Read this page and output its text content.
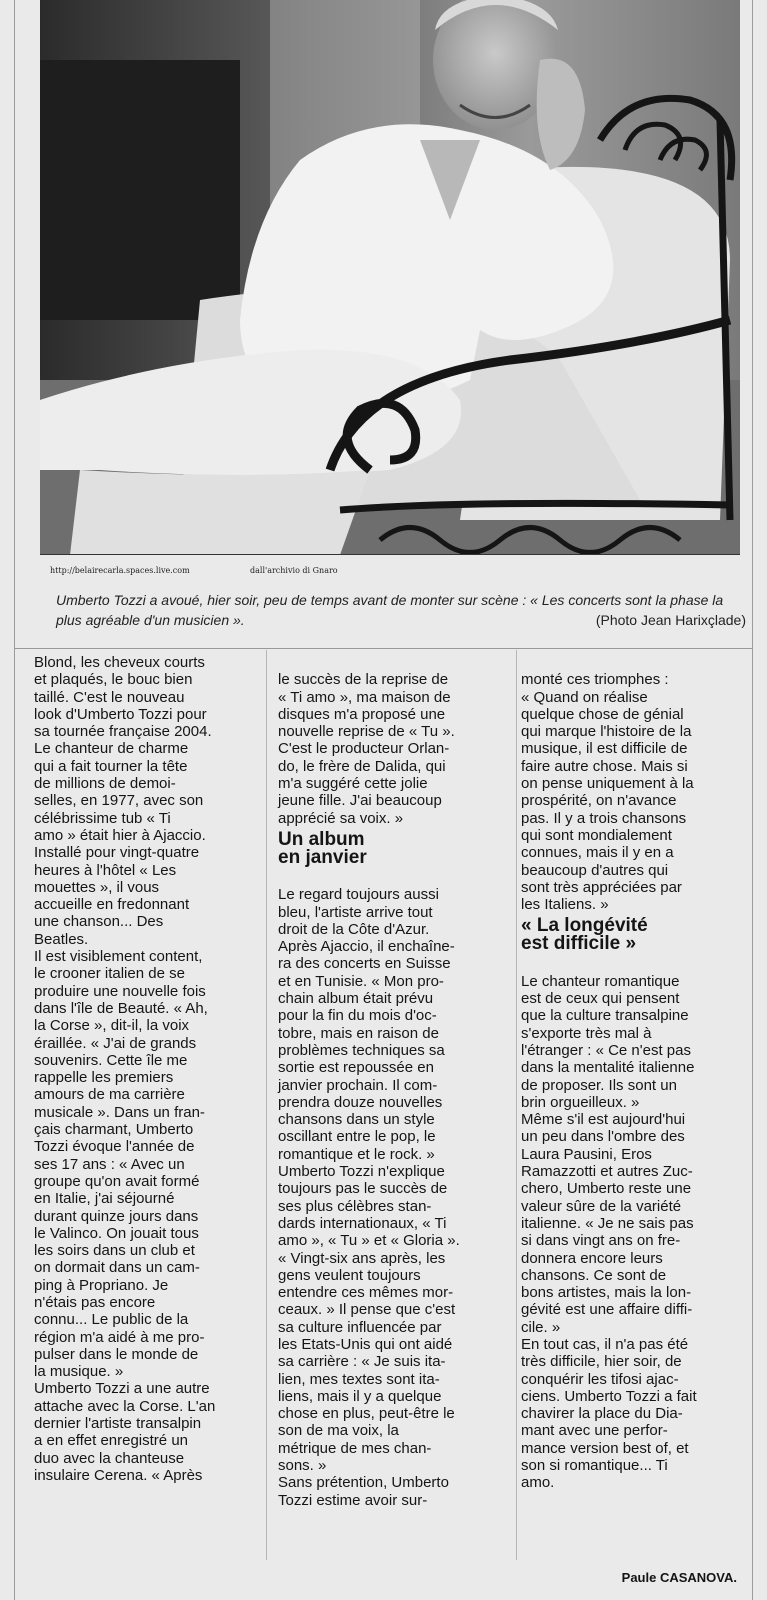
http://belairecarla.spaces.live.com	dall'archivio di Gnaro
Umberto Tozzi a avoué, hier soir, peu de temps avant de monter sur scène : « Les concerts sont la phase la plus agréable d'un musicien ».	(Photo Jean Harixçlade)
Blond, les cheveux courts
et plaqués, le bouc bien
taillé. C'est le nouveau
look d'Umberto Tozzi pour
sa tournée française 2004.
Le chanteur de charme
qui a fait tourner la tête
de millions de demoi-
selles, en 1977, avec son
célébrissime tub « Ti
amo » était hier à Ajaccio.
Installé pour vingt-quatre
heures à l'hôtel « Les
mouettes », il vous
accueille en fredonnant
une chanson... Des
Beatles.
Il est visiblement content,
le crooner italien de se
produire une nouvelle fois
dans l'île de Beauté. « Ah,
la Corse », dit-il, la voix
éraillée. « J'ai de grands
souvenirs. Cette île me
rappelle les premiers
amours de ma carrière
musicale ». Dans un fran-
çais charmant, Umberto
Tozzi évoque l'année de
ses 17 ans : « Avec un
groupe qu'on avait formé
en Italie, j'ai séjourné
durant quinze jours dans
le Valinco. On jouait tous
les soirs dans un club et
on dormait dans un cam-
ping à Propriano. Je
n'étais pas encore
connu... Le public de la
région m'a aidé à me pro-
pulser dans le monde de
la musique. »
Umberto Tozzi a une autre
attache avec la Corse. L'an
dernier l'artiste transalpin
a en effet enregistré un
duo avec la chanteuse
insulaire Cerena. « Après

le succès de la reprise de
« Ti amo », ma maison de
disques m'a proposé une
nouvelle reprise de « Tu ».
C'est le producteur Orlan-
do, le frère de Dalida, qui
m'a suggéré cette jolie
jeune fille. J'ai beaucoup
apprécié sa voix. »

Un album
en janvier

Le regard toujours aussi
bleu, l'artiste arrive tout
droit de la Côte d'Azur.
Après Ajaccio, il enchaîne-
ra des concerts en Suisse
et en Tunisie. « Mon pro-
chain album était prévu
pour la fin du mois d'oc-
tobre, mais en raison de
problèmes techniques sa
sortie est repoussée en
janvier prochain. Il com-
prendra douze nouvelles
chansons dans un style
oscillant entre le pop, le
romantique et le rock. »
Umberto Tozzi n'explique
toujours pas le succès de
ses plus célèbres stan-
dards internationaux, « Ti
amo », « Tu » et « Gloria ».
« Vingt-six ans après, les
gens veulent toujours
entendre ces mêmes mor-
ceaux. » Il pense que c'est
sa culture influencée par
les Etats-Unis qui ont aidé
sa carrière : « Je suis ita-
lien, mes textes sont ita-
liens, mais il y a quelque
chose en plus, peut-être le
son de ma voix, la
métrique de mes chan-
sons. »
Sans prétention, Umberto
Tozzi estime avoir sur-

monté ces triomphes :
« Quand on réalise
quelque chose de génial
qui marque l'histoire de la
musique, il est difficile de
faire autre chose. Mais si
on pense uniquement à la
prospérité, on n'avance
pas. Il y a trois chansons
qui sont mondialement
connues, mais il y en a
beaucoup d'autres qui
sont très appréciées par
les Italiens. »

« La longévité
est difficile »

Le chanteur romantique
est de ceux qui pensent
que la culture transalpine
s'exporte très mal à
l'étranger : « Ce n'est pas
dans la mentalité italienne
de proposer. Ils sont un
brin orgueilleux. »
Même s'il est aujourd'hui
un peu dans l'ombre des
Laura Pausini, Eros
Ramazzotti et autres Zuc-
chero, Umberto reste une
valeur sûre de la variété
italienne. « Je ne sais pas
si dans vingt ans on fre-
donnera encore leurs
chansons. Ce sont de
bons artistes, mais la lon-
gévité est une affaire diffi-
cile. »
En tout cas, il n'a pas été
très difficile, hier soir, de
conquérir les tifosi ajac-
ciens. Umberto Tozzi a fait
chavirer la place du Dia-
mant avec une perfor-
mance version best of, et
son si romantique... Ti
amo.

Paule CASANOVA.
